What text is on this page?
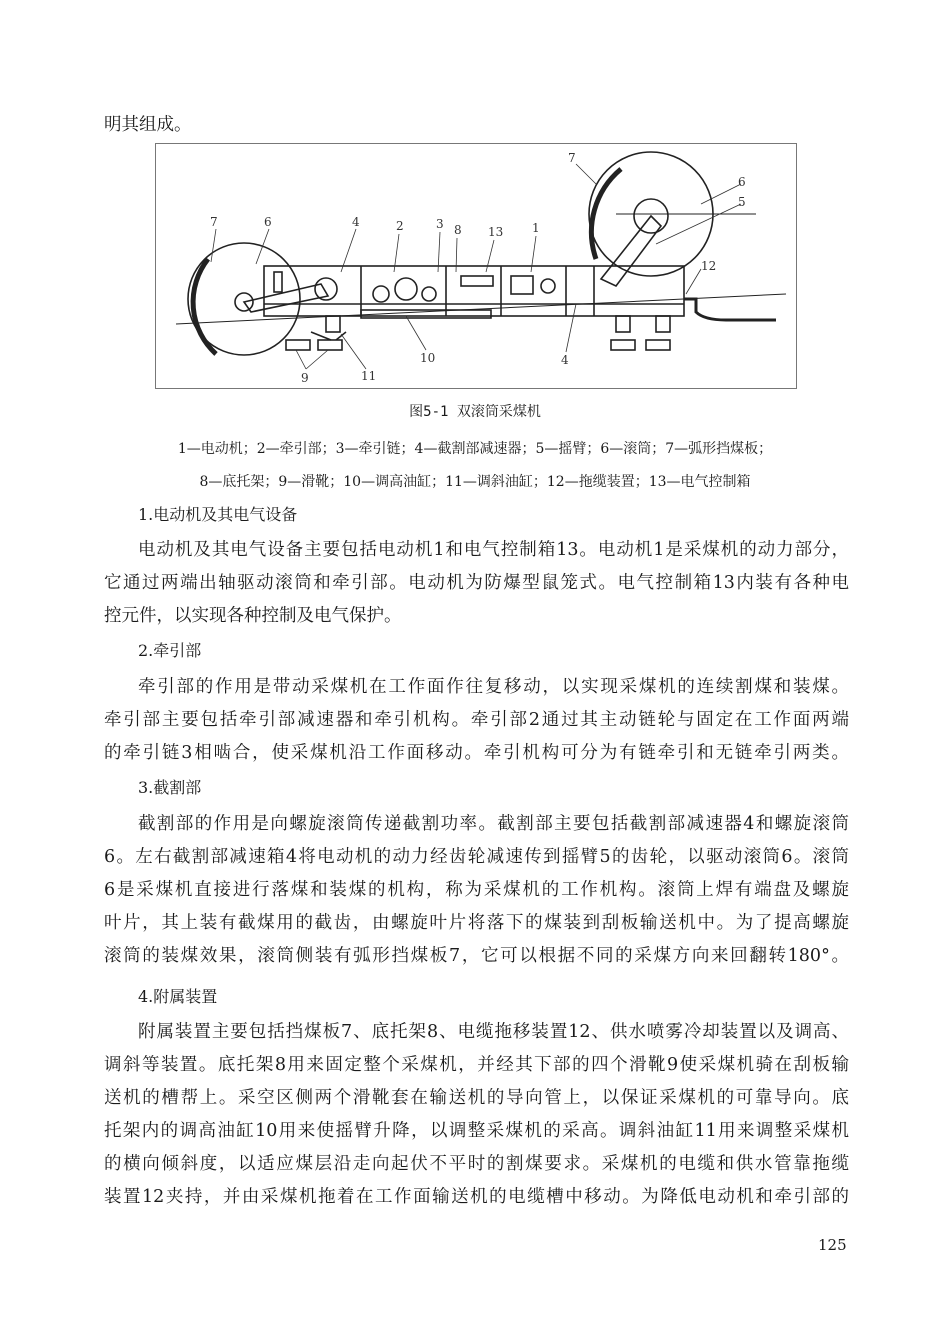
明其组成。
7	6	4	2	3 8 13 1
10
9	11
4
7
6
5
12
图5-1 双滚筒采煤机
1—电动机；2—牵引部；3—牵引链；4—截割部减速器；5—摇臂；6—滚筒；7—弧形挡煤板；
8—底托架；9—滑靴；10—调高油缸；11—调斜油缸；12—拖缆装置；13—电气控制箱
1.电动机及其电气设备
电动机及其电气设备主要包括电动机1和电气控制箱13。电动机1是采煤机的动力部分，
它通过两端出轴驱动滚筒和牵引部。电动机为防爆型鼠笼式。电气控制箱13内装有各种电
控元件，以实现各种控制及电气保护。
2.牵引部
牵引部的作用是带动采煤机在工作面作往复移动，以实现采煤机的连续割煤和装煤。
牵引部主要包括牵引部减速器和牵引机构。牵引部2通过其主动链轮与固定在工作面两端
的牵引链3相啮合，使采煤机沿工作面移动。牵引机构可分为有链牵引和无链牵引两类。
3.截割部
截割部的作用是向螺旋滚筒传递截割功率。截割部主要包括截割部减速器4和螺旋滚筒
6。左右截割部减速箱4将电动机的动力经齿轮减速传到摇臂5的齿轮，以驱动滚筒6。滚筒
6是采煤机直接进行落煤和装煤的机构，称为采煤机的工作机构。滚筒上焊有端盘及螺旋
叶片，其上装有截煤用的截齿，由螺旋叶片将落下的煤装到刮板输送机中。为了提高螺旋
滚筒的装煤效果，滚筒侧装有弧形挡煤板7，它可以根据不同的采煤方向来回翻转180°。
4.附属装置
附属装置主要包括挡煤板7、底托架8、电缆拖移装置12、供水喷雾冷却装置以及调高、
调斜等装置。底托架8用来固定整个采煤机，并经其下部的四个滑靴9使采煤机骑在刮板输
送机的槽帮上。采空区侧两个滑靴套在输送机的导向管上，以保证采煤机的可靠导向。底
托架内的调高油缸10用来使摇臂升降，以调整采煤机的采高。调斜油缸11用来调整采煤机
的横向倾斜度，以适应煤层沿走向起伏不平时的割煤要求。采煤机的电缆和供水管靠拖缆
装置12夹持，并由采煤机拖着在工作面输送机的电缆槽中移动。为降低电动机和牵引部的
125
